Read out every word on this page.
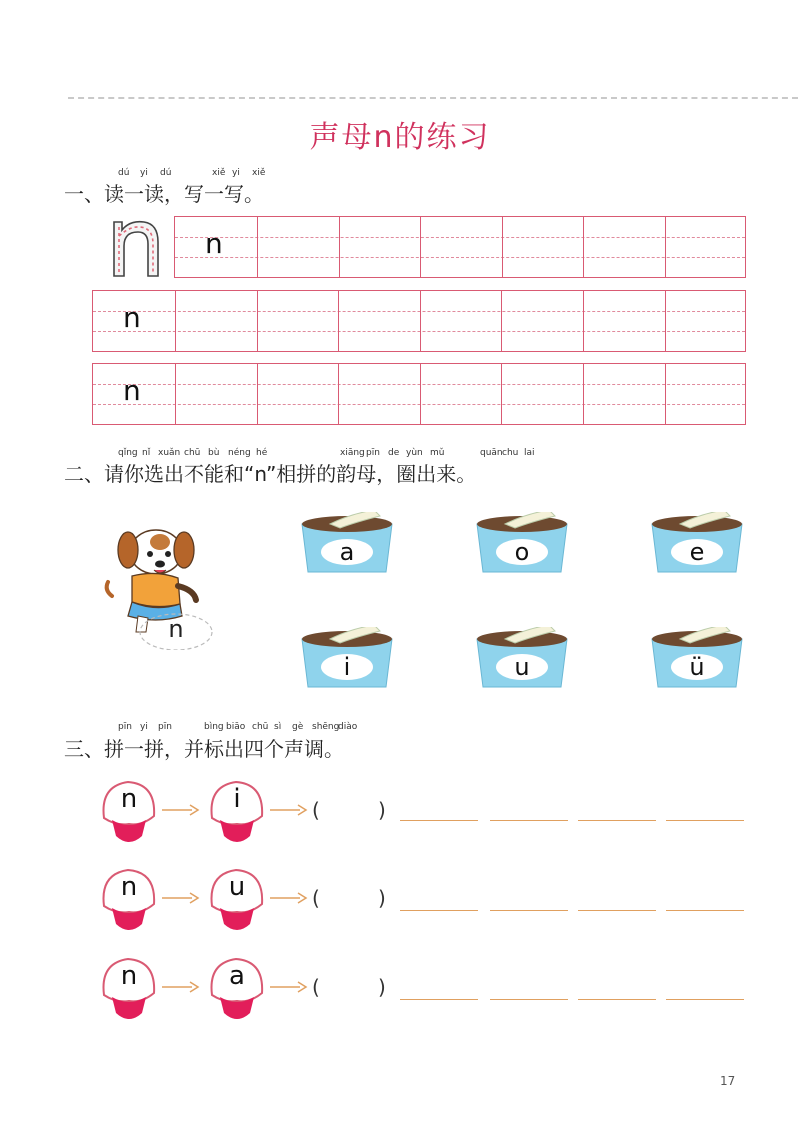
声母n的练习
dú yi dú	xiě yi xiě
一、读一读，写一写。
n
n
n
qǐng nǐ xuǎn chū bù néng hé	xiāng pīn de yùn mǔ	quān chu lai
二、请你选出不能和“n”相拼的韵母，圈出来。
n
a	o	e
i	u	ü
pīn yi pīn	bìng biāo chū sì gè shēng
diào
三、拼一拼，并标出四个声调。
n	i	(	)
n	u	(	)
n	a	(	)
17
